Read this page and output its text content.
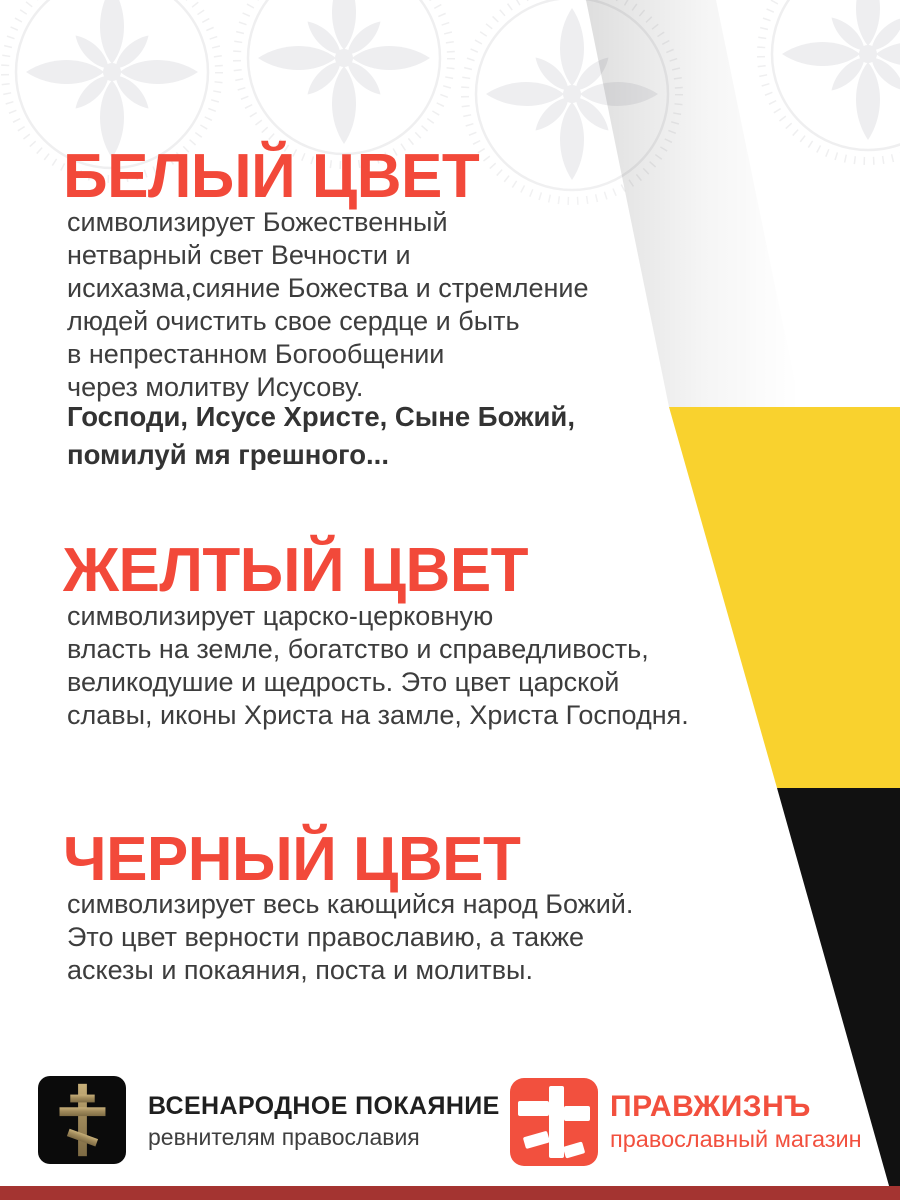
БЕЛЫЙ ЦВЕТ
символизирует Божественный
нетварный свет Вечности и
исихазма,сияние Божества и стремление
людей очистить свое сердце и быть
в непрестанном Богообщении
через молитву Исусову.
Господи, Исусе Христе, Сыне Божий,
помилуй мя грешного...
ЖЕЛТЫЙ ЦВЕТ
символизирует царско-церковную
власть на земле, богатство и справедливость,
великодушие и щедрость. Это цвет царской
славы, иконы Христа на замле, Христа Господня.
ЧЕРНЫЙ ЦВЕТ
символизирует весь кающийся народ Божий.
Это цвет верности православию, а также
аскезы и покаяния, поста и молитвы.
ВСЕНАРОДНОЕ ПОКАЯНИЕ
ревнителям православия
ПРАВЖИЗНЪ
православный магазин
